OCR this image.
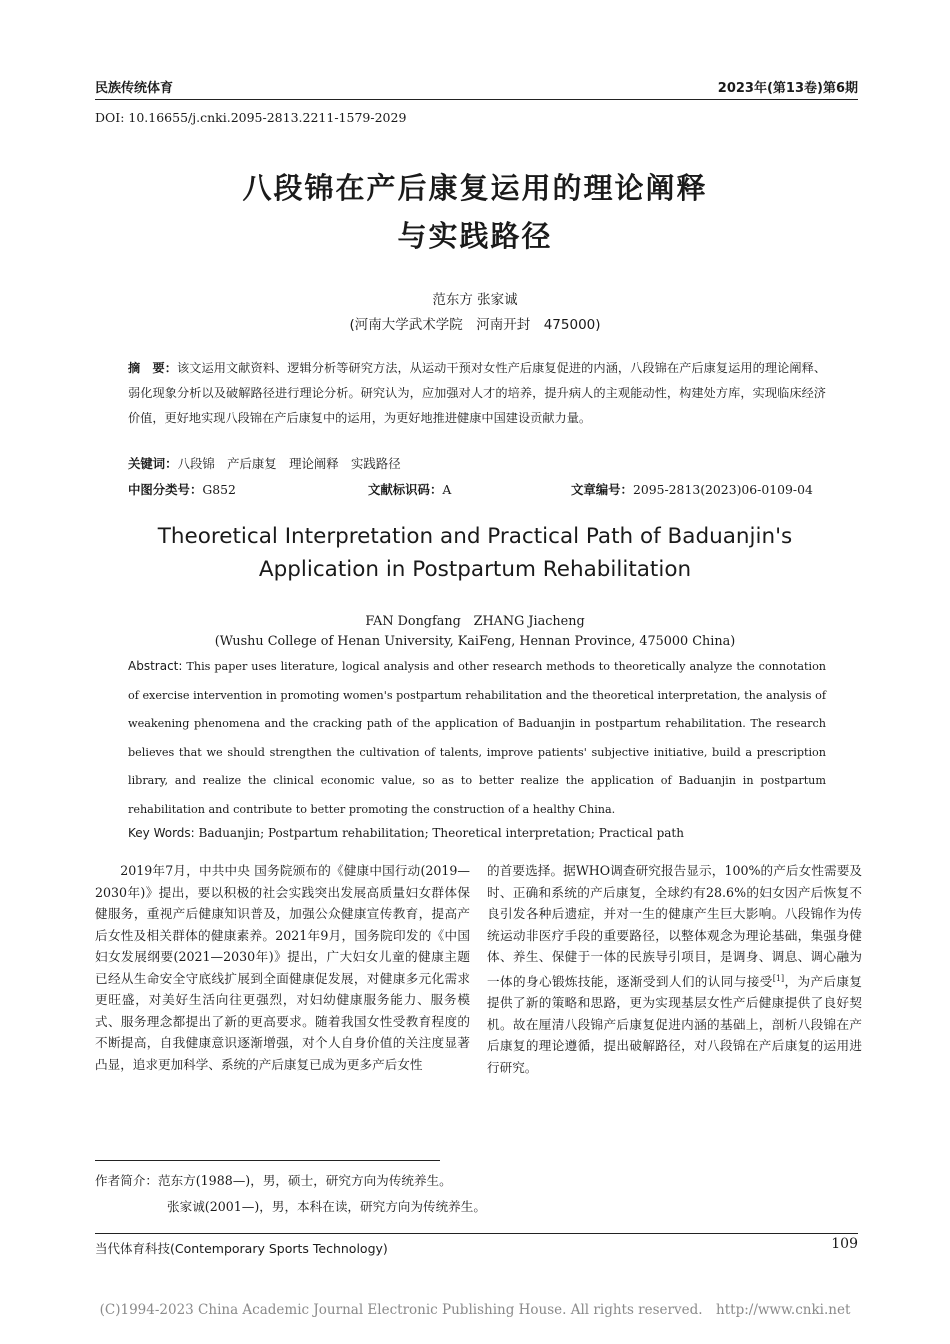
民族传统体育	2023年(第13卷)第6期
DOI: 10.16655/j.cnki.2095-2813.2211-1579-2029
八段锦在产后康复运用的理论阐释
与实践路径
范东方 张家诚
(河南大学武术学院　河南开封　475000)
摘　要：该文运用文献资料、逻辑分析等研究方法，从运动干预对女性产后康复促进的内涵，八段锦在产后康复运用的理论阐释、弱化现象分析以及破解路径进行理论分析。研究认为，应加强对人才的培养，提升病人的主观能动性，构建处方库，实现临床经济价值，更好地实现八段锦在产后康复中的运用，为更好地推进健康中国建设贡献力量。
关键词：八段锦　产后康复　理论阐释　实践路径
中图分类号：G852	文献标识码：A	文章编号：2095-2813(2023)06-0109-04
Theoretical Interpretation and Practical Path of Baduanjin's
Application in Postpartum Rehabilitation
FAN Dongfang　ZHANG Jiacheng
(Wushu College of Henan University, KaiFeng, Hennan Province, 475000 China)
Abstract: This paper uses literature, logical analysis and other research methods to theoretically analyze the connotation of exercise intervention in promoting women's postpartum rehabilitation and the theoretical interpretation, the analysis of weakening phenomena and the cracking path of the application of Baduanjin in postpartum rehabilitation. The research believes that we should strengthen the cultivation of talents, improve patients' subjective initiative, build a prescription library, and realize the clinical economic value, so as to better realize the application of Baduanjin in postpartum rehabilitation and contribute to better promoting the construction of a healthy China.
Key Words: Baduanjin; Postpartum rehabilitation; Theoretical interpretation; Practical path

2019年7月，中共中央 国务院颁布的《健康中国行动(2019—2030年)》提出，要以积极的社会实践突出发展高质量妇女群体保健服务，重视产后健康知识普及，加强公众健康宣传教育，提高产后女性及相关群体的健康素养。2021年9月，国务院印发的《中国妇女发展纲要(2021—2030年)》提出，广大妇女儿童的健康主题已经从生命安全守底线扩展到全面健康促发展，对健康多元化需求更旺盛，对美好生活向往更强烈，对妇幼健康服务能力、服务模式、服务理念都提出了新的更高要求。随着我国女性受教育程度的不断提高，自我健康意识逐渐增强，对个人自身价值的关注度显著凸显，追求更加科学、系统的产后康复已成为更多产后女性

的首要选择。据WHO调查研究报告显示，100%的产后女性需要及时、正确和系统的产后康复，全球约有28.6%的妇女因产后恢复不良引发各种后遗症，并对一生的健康产生巨大影响。八段锦作为传统运动非医疗手段的重要路径，以整体观念为理论基础，集强身健体、养生、保健于一体的民族导引项目，是调身、调息、调心融为一体的身心锻炼技能，逐渐受到人们的认同与接受[1]，为产后康复提供了新的策略和思路，更为实现基层女性产后健康提供了良好契机。故在厘清八段锦产后康复促进内涵的基础上，剖析八段锦在产后康复的理论遵循，提出破解路径，对八段锦在产后康复的运用进行研究。

作者简介：范东方(1988—)，男，硕士，研究方向为传统养生。
张家诚(2001—)，男，本科在读，研究方向为传统养生。
当代体育科技(Contemporary Sports Technology)	109
(C)1994-2023 China Academic Journal Electronic Publishing House. All rights reserved.　http://www.cnki.net
